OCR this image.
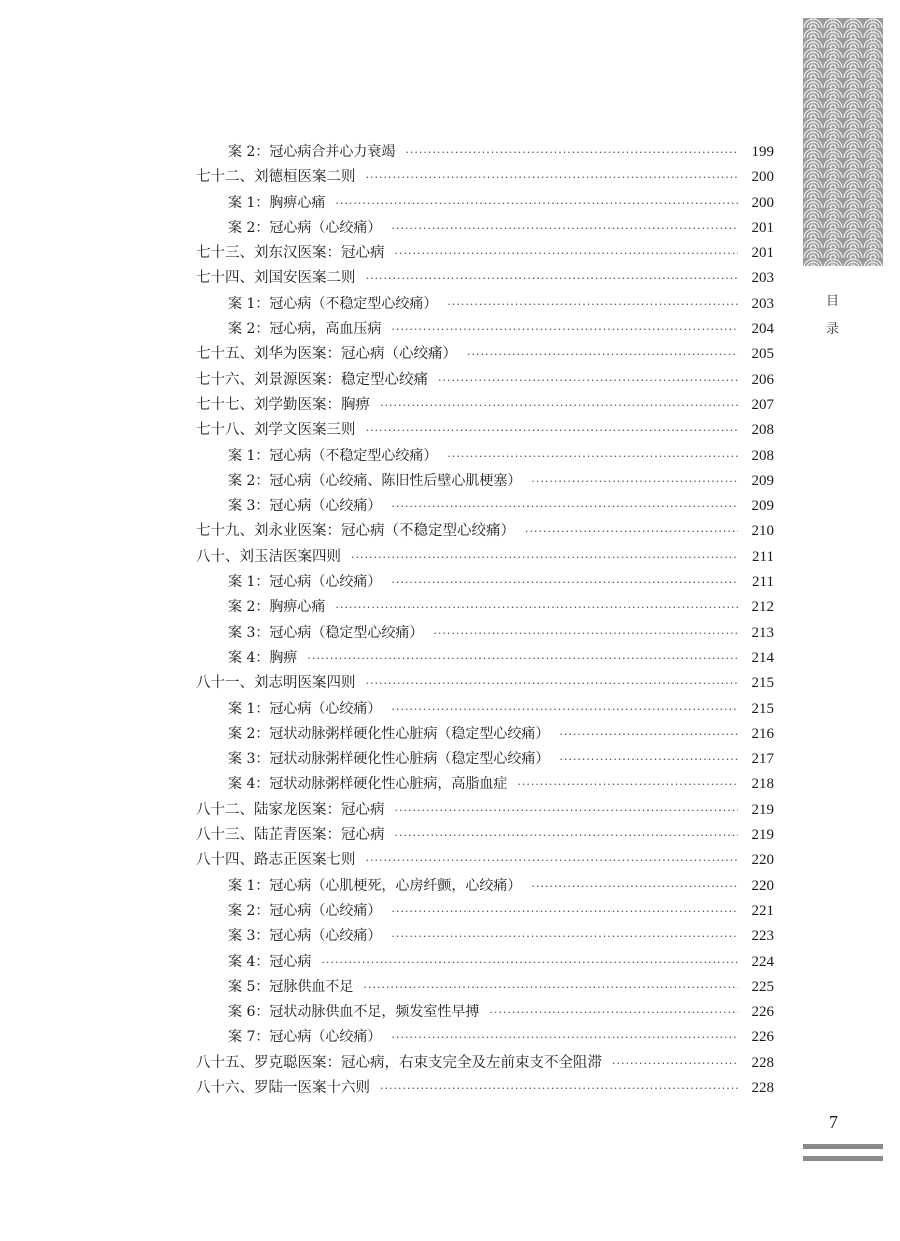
目
录
案 2：冠心病合并心力衰竭 ·····	199
七十二、刘德桓医案二则 ·····	200
案 1：胸痹心痛 ·····	200
案 2：冠心病（心绞痛） ·····	201
七十三、刘东汉医案：冠心病 ·····	201
七十四、刘国安医案二则 ·····	203
案 1：冠心病（不稳定型心绞痛） ·····	203
案 2：冠心病，高血压病 ·····	204
七十五、刘华为医案：冠心病（心绞痛） ·····	205
七十六、刘景源医案：稳定型心绞痛 ·····	206
七十七、刘学勤医案：胸痹 ·····	207
七十八、刘学文医案三则 ·····	208
案 1：冠心病（不稳定型心绞痛） ·····	208
案 2：冠心病（心绞痛、陈旧性后壁心肌梗塞） ·····	209
案 3：冠心病（心绞痛） ·····	209
七十九、刘永业医案：冠心病（不稳定型心绞痛） ·····	210
八十、刘玉洁医案四则 ·····	211
案 1：冠心病（心绞痛） ·····	211
案 2：胸痹心痛 ·····	212
案 3：冠心病（稳定型心绞痛） ·····	213
案 4：胸痹 ·····	214
八十一、刘志明医案四则 ·····	215
案 1：冠心病（心绞痛） ·····	215
案 2：冠状动脉粥样硬化性心脏病（稳定型心绞痛） ·····	216
案 3：冠状动脉粥样硬化性心脏病（稳定型心绞痛） ·····	217
案 4：冠状动脉粥样硬化性心脏病，高脂血症 ·····	218
八十二、陆家龙医案：冠心病 ·····	219
八十三、陆芷青医案：冠心病 ·····	219
八十四、路志正医案七则 ·····	220
案 1：冠心病（心肌梗死，心房纤颤，心绞痛） ·····	220
案 2：冠心病（心绞痛） ·····	221
案 3：冠心病（心绞痛） ·····	223
案 4：冠心病 ·····	224
案 5：冠脉供血不足 ·····	225
案 6：冠状动脉供血不足，频发室性早搏 ·····	226
案 7：冠心病（心绞痛） ·····	226
八十五、罗克聪医案：冠心病，右束支完全及左前束支不全阻滞 ·····	228
八十六、罗陆一医案十六则 ·····	228
7
